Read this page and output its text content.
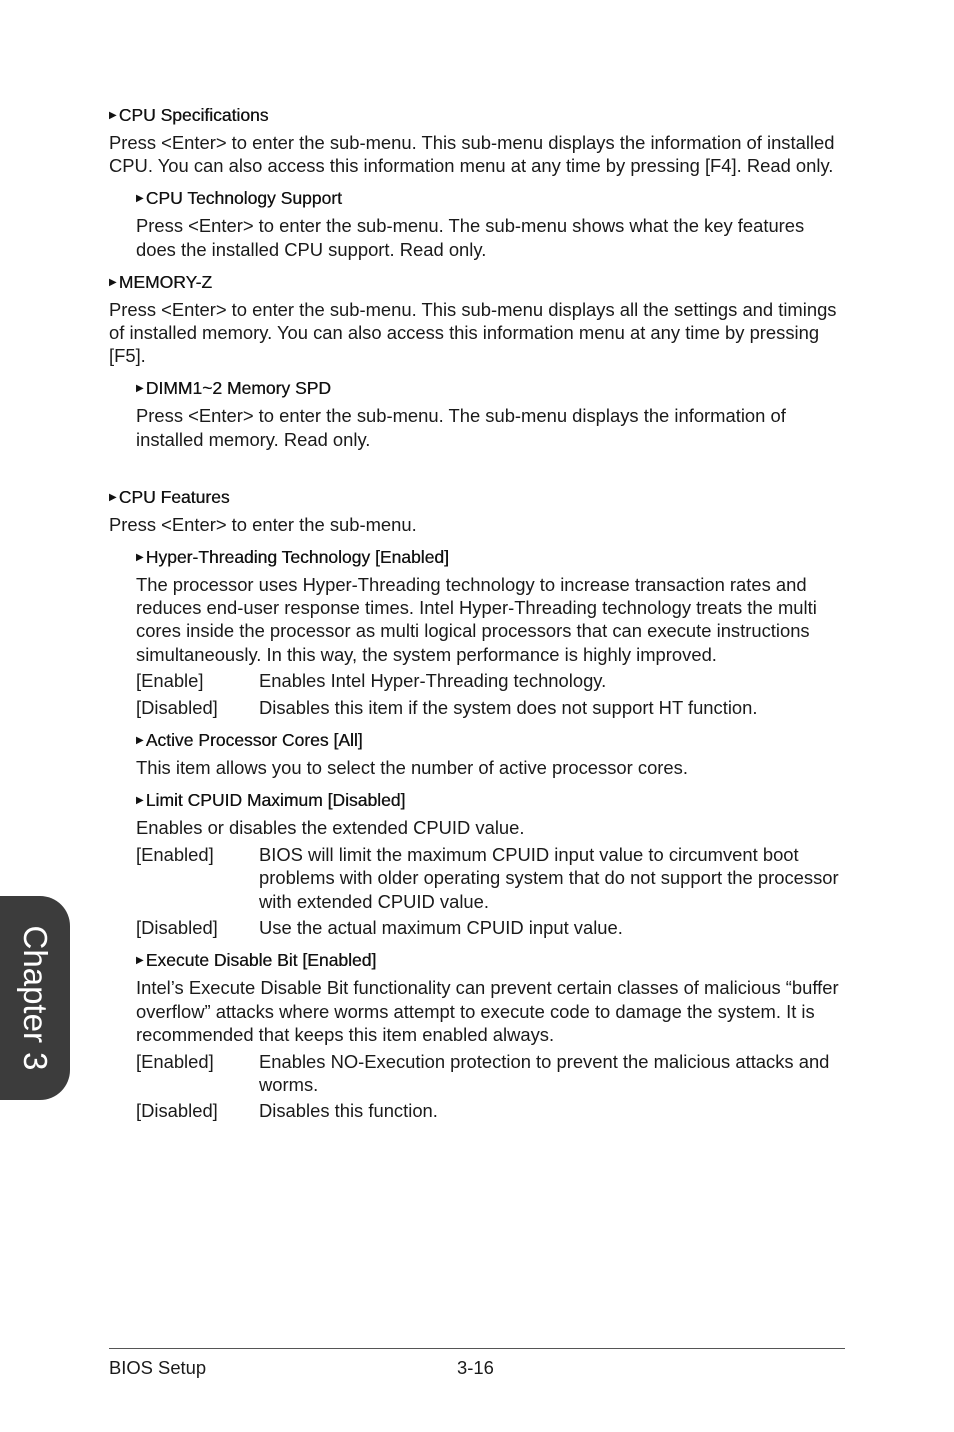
▶ CPU Specifications

Press <Enter> to enter the sub-menu. This sub-menu displays the information of installed CPU. You can also access this information menu at any time by pressing [F4]. Read only.

▶ CPU Technology Support

Press <Enter> to enter the sub-menu. The sub-menu shows what the key features does the installed CPU support. Read only.

▶ MEMORY-Z

Press <Enter> to enter the sub-menu. This sub-menu displays all the settings and timings of installed memory. You can also access this information menu at any time by pressing [F5].

▶ DIMM1~2 Memory SPD

Press <Enter> to enter the sub-menu. The sub-menu displays the information of installed memory. Read only.

▶ CPU Features

Press <Enter> to enter the sub-menu.

▶ Hyper-Threading Technology [Enabled]

The processor uses Hyper-Threading technology to increase transaction rates and reduces end-user response times. Intel Hyper-Threading technology treats the multi cores inside the processor as multi logical processors that can execute instructions simultaneously. In this way, the system performance is highly improved.

[Enable]	Enables Intel Hyper-Threading technology.
[Disabled]	Disables this item if the system does not support HT function.
▶ Active Processor Cores [All]

This item allows you to select the number of active processor cores.

▶ Limit CPUID Maximum [Disabled]

Enables or disables the extended CPUID value.

[Enabled]	BIOS will limit the maximum CPUID input value to circumvent boot problems with older operating system that do not support the processor with extended CPUID value.
[Disabled]	Use the actual maximum CPUID input value.
▶ Execute Disable Bit [Enabled]

Intel’s Execute Disable Bit functionality can prevent certain classes of malicious “buffer overflow” attacks where worms attempt to execute code to damage the system. It is recommended that keeps this item enabled always.

[Enabled]	Enables NO-Execution protection to prevent the malicious attacks and worms.
[Disabled]	Disables this function.
Chapter 3
BIOS Setup	3-16
